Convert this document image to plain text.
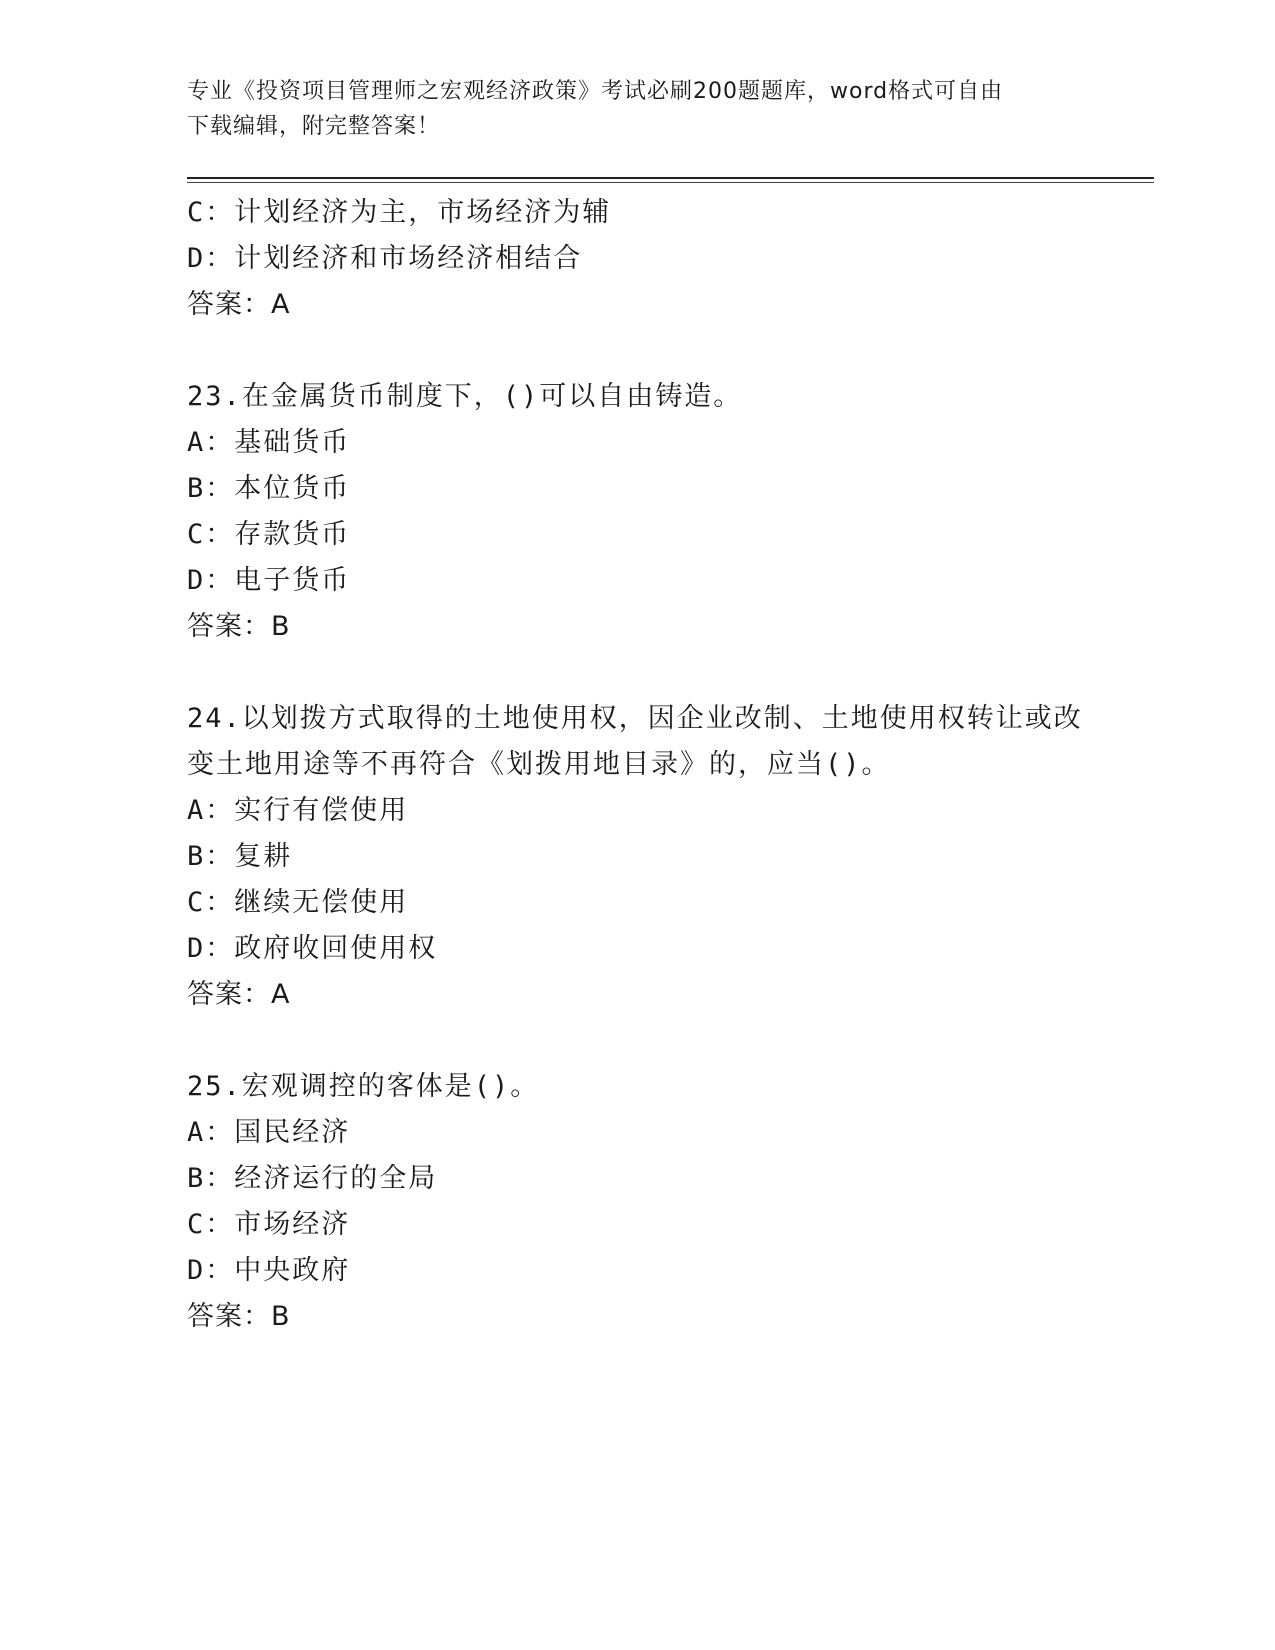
专业《投资项目管理师之宏观经济政策》考试必刷200题题库，word格式可自由
下载编辑，附完整答案！
C：计划经济为主，市场经济为辅
D：计划经济和市场经济相结合
答案：A
23.在金属货币制度下，()可以自由铸造。
A：基础货币
B：本位货币
C：存款货币
D：电子货币
答案：B
24.以划拨方式取得的土地使用权，因企业改制、土地使用权转让或改
变土地用途等不再符合《划拨用地目录》的，应当()。
A：实行有偿使用
B：复耕
C：继续无偿使用
D：政府收回使用权
答案：A
25.宏观调控的客体是()。
A：国民经济
B：经济运行的全局
C：市场经济
D：中央政府
答案：B
